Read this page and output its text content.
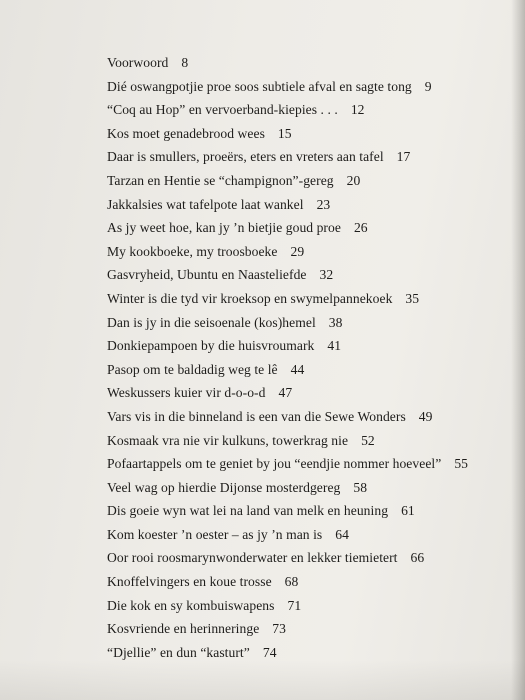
Voorwoord 8
Dié oswangpotjie proe soos subtiele afval en sagte tong 9
“Coq au Hop” en vervoerband-kiepies . . . 12
Kos moet genadebrood wees 15
Daar is smullers, proeërs, eters en vreters aan tafel 17
Tarzan en Hentie se “champignon”-gereg 20
Jakkalsies wat tafelpote laat wankel 23
As jy weet hoe, kan jy ’n bietjie goud proe 26
My kookboeke, my troosboeke 29
Gasvryheid, Ubuntu en Naasteliefde 32
Winter is die tyd vir kroeksop en swymelpannekoek 35
Dan is jy in die seisoenale (kos)hemel 38
Donkiepampoen by die huisvroumark 41
Pasop om te baldadig weg te lê 44
Weskussers kuier vir d-o-o-d 47
Vars vis in die binneland is een van die Sewe Wonders 49
Kosmaak vra nie vir kulkuns, towerkrag nie 52
Pofaartappels om te geniet by jou “eendjie nommer hoeveel” 55
Veel wag op hierdie Dijonse mosterdgereg 58
Dis goeie wyn wat lei na land van melk en heuning 61
Kom koester ’n oester – as jy ’n man is 64
Oor rooi roosmarynwonderwater en lekker tiemietert 66
Knoffelvingers en koue trosse 68
Die kok en sy kombuiswapens 71
Kosvriende en herinneringe 73
“Djellie” en dun “kasturt” 74
